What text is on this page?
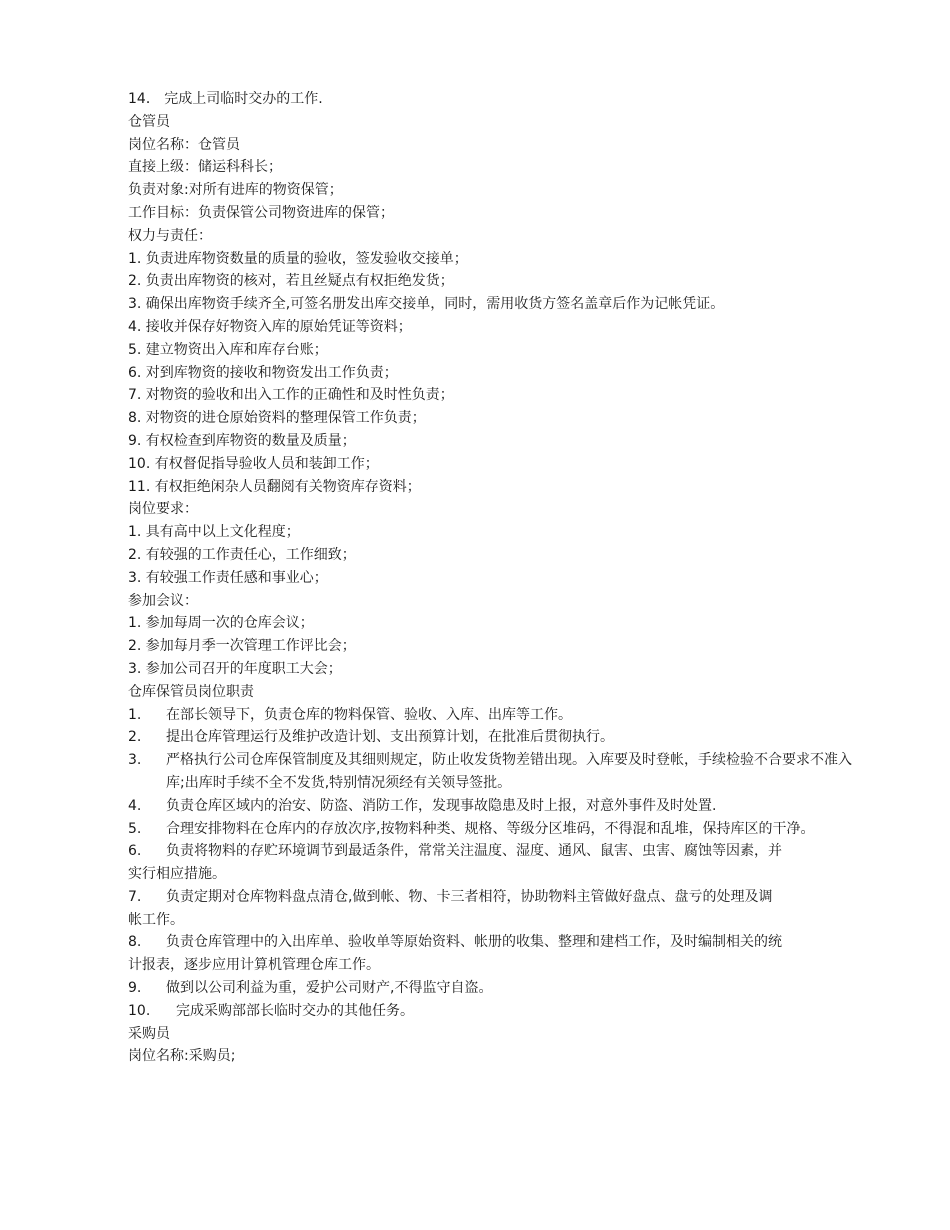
14． 完成上司临时交办的工作.
仓管员
岗位名称：仓管员
直接上级：储运科科长；
负责对象:对所有进库的物资保管；
工作目标：负责保管公司物资进库的保管；
权力与责任：
1. 负责进库物资数量的质量的验收，签发验收交接单；
2. 负责出库物资的核对，若且丝疑点有权拒绝发货；
3. 确保出库物资手续齐全,可签名册发出库交接单，同时，需用收货方签名盖章后作为记帐凭证。
4. 接收并保存好物资入库的原始凭证等资料；
5. 建立物资出入库和库存台账；
6. 对到库物资的接收和物资发出工作负责；
7. 对物资的验收和出入工作的正确性和及时性负责；
8. 对物资的进仓原始资料的整理保管工作负责；
9. 有权检查到库物资的数量及质量；
10. 有权督促指导验收人员和装卸工作；
11. 有权拒绝闲杂人员翻阅有关物资库存资料；
岗位要求：
1. 具有高中以上文化程度；
2. 有较强的工作责任心，工作细致；
3. 有较强工作责任感和事业心；
参加会议：
1. 参加每周一次的仓库会议；
2. 参加每月季一次管理工作评比会；
3. 参加公司召开的年度职工大会；
仓库保管员岗位职责
1.	在部长领导下，负责仓库的物料保管、验收、入库、出库等工作。
2.	提出仓库管理运行及维护改造计划、支出预算计划，在批准后贯彻执行。
3.	严格执行公司仓库保管制度及其细则规定，防止收发货物差错出现。入库要及时登帐，手续检验不合要求不准入库;出库时手续不全不发货,特别情况须经有关领导签批。
4.	负责仓库区域内的治安、防盗、消防工作，发现事故隐患及时上报，对意外事件及时处置.
5.	合理安排物料在仓库内的存放次序,按物料种类、规格、等级分区堆码，不得混和乱堆，保持库区的干净。
6.	负责将物料的存贮环境调节到最适条件，常常关注温度、湿度、通风、鼠害、虫害、腐蚀等因素，并
实行相应措施。
7.	负责定期对仓库物料盘点清仓,做到帐、物、卡三者相符，协助物料主管做好盘点、盘亏的处理及调
帐工作。
8.	负责仓库管理中的入出库单、验收单等原始资料、帐册的收集、整理和建档工作，及时编制相关的统
计报表，逐步应用计算机管理仓库工作。
9.	做到以公司利益为重，爱护公司财产,不得监守自盗。
10.	完成采购部部长临时交办的其他任务。
采购员
岗位名称:采购员;
